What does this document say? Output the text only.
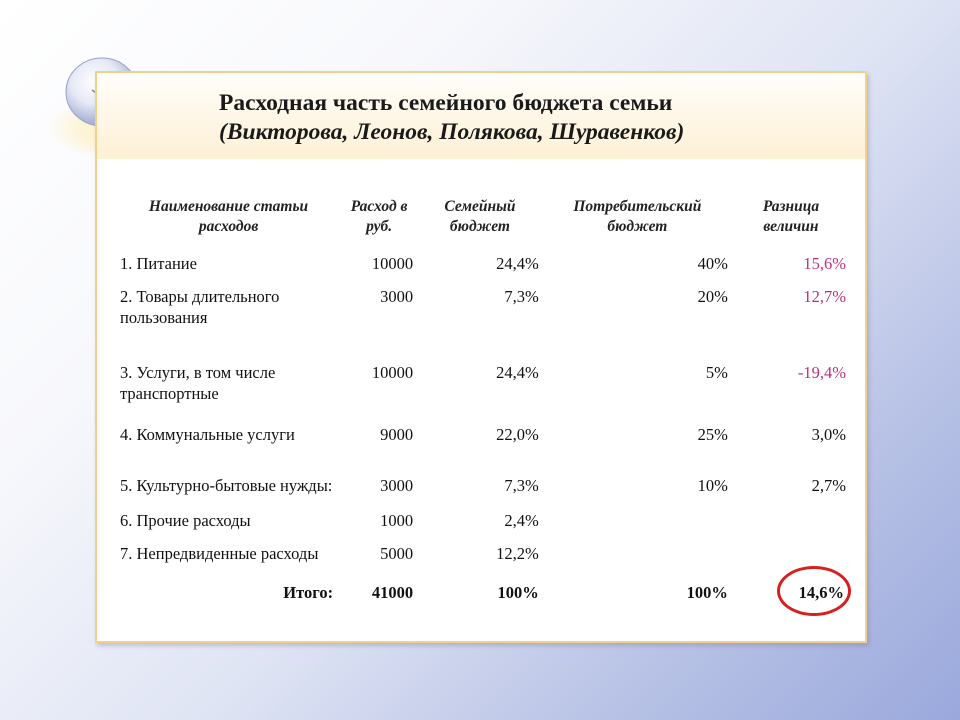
Расходная часть семейного бюджета семьи
(Викторова, Леонов, Полякова, Шуравенков)
Наименование статьи расходов	Расход в руб.	Семейный бюджет	Потребительский бюджет	Разница величин
1. Питание	10000	24,4%	40%	15,6%
2. Товары длительного пользования	3000	7,3%	20%	12,7%
3. Услуги, в том числе транспортные	10000	24,4%	5%	-19,4%
4. Коммунальные услуги	9000	22,0%	25%	3,0%
5. Культурно-бытовые нужды:	3000	7,3%	10%	2,7%
6. Прочие расходы	1000	2,4%		
7. Непредвиденные расходы	5000	12,2%		
Итого:	41000	100%	100%	14,6%
